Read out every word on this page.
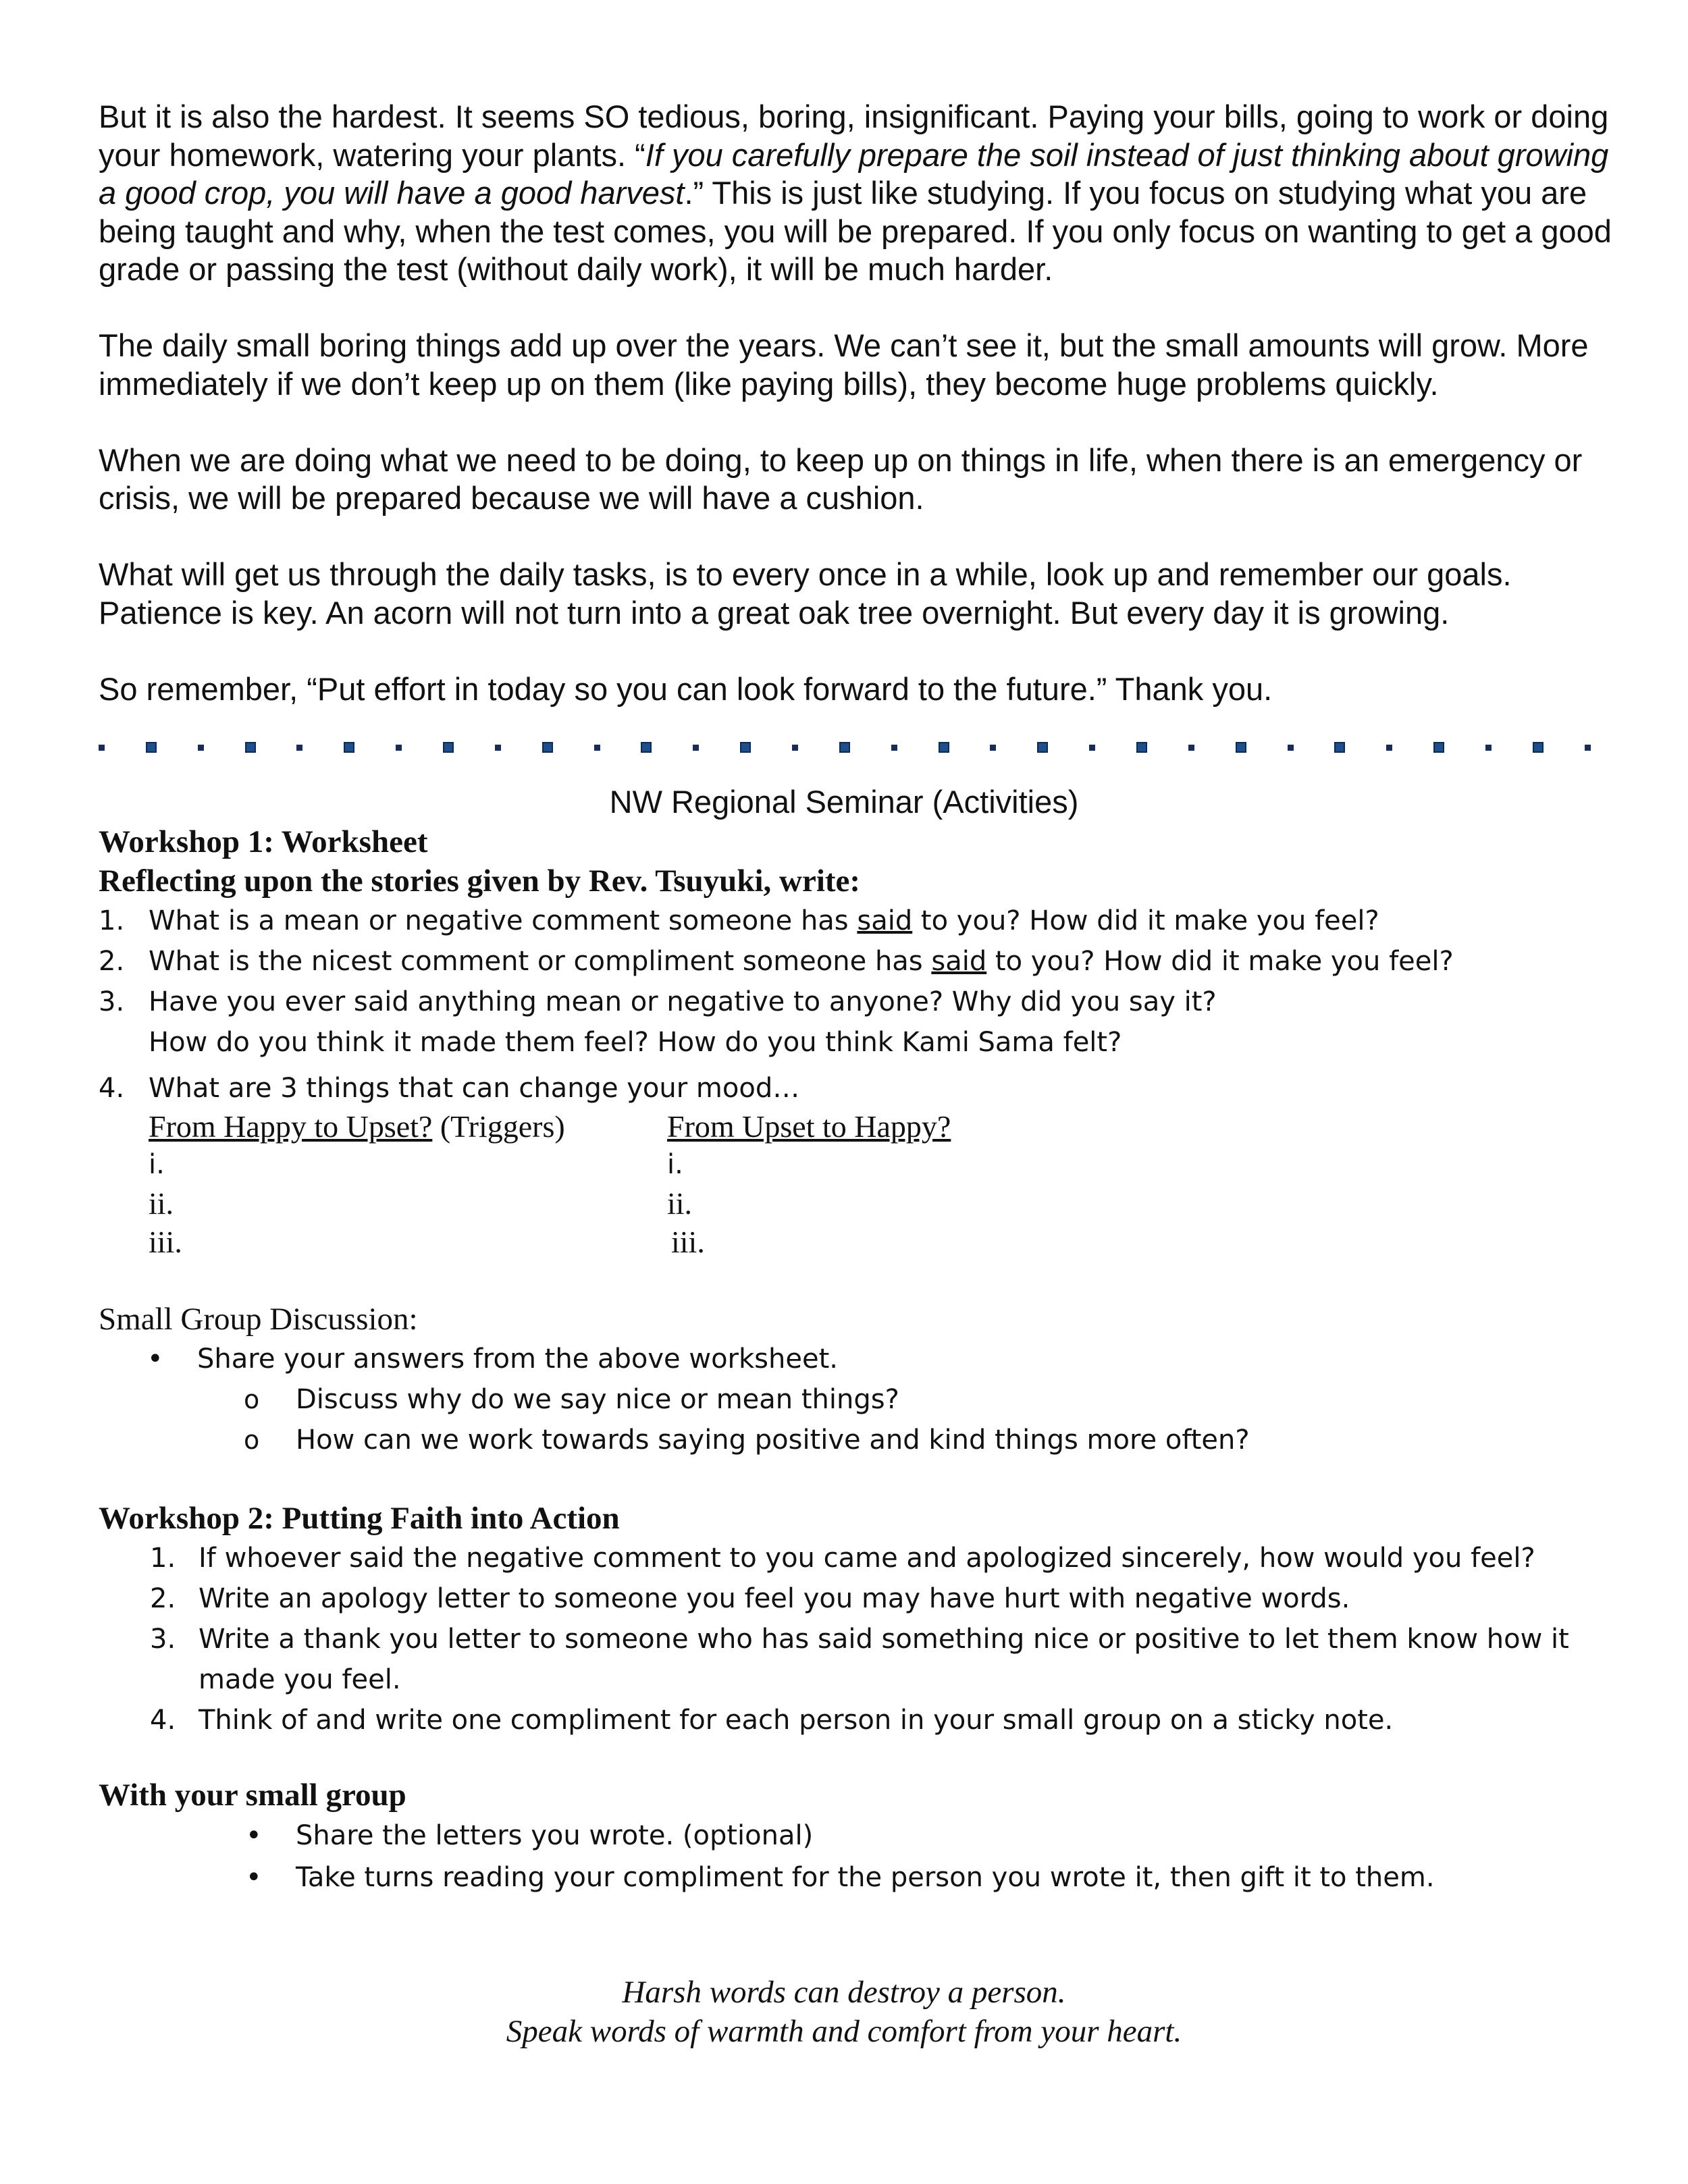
But it is also the hardest. It seems SO tedious, boring, insignificant. Paying your bills, going to work or doing your homework, watering your plants. “If you carefully prepare the soil instead of just thinking about growing a good crop, you will have a good harvest.” This is just like studying. If you focus on studying what you are being taught and why, when the test comes, you will be prepared. If you only focus on wanting to get a good grade or passing the test (without daily work), it will be much harder.

The daily small boring things add up over the years. We can’t see it, but the small amounts will grow. More immediately if we don’t keep up on them (like paying bills), they become huge problems quickly.

When we are doing what we need to be doing, to keep up on things in life, when there is an emergency or crisis, we will be prepared because we will have a cushion.

What will get us through the daily tasks, is to every once in a while, look up and remember our goals. Patience is key. An acorn will not turn into a great oak tree overnight. But every day it is growing.

So remember, “Put effort in today so you can look forward to the future.” Thank you.

NW Regional Seminar (Activities)
Workshop 1: Worksheet
Reflecting upon the stories given by Rev. Tsuyuki, write:
1. What is a mean or negative comment someone has said to you? How did it make you feel?
2. What is the nicest comment or compliment someone has said to you? How did it make you feel?
3. Have you ever said anything mean or negative to anyone? Why did you say it?
How do you think it made them feel? How do you think Kami Sama felt?
4. What are 3 things that can change your mood…
From Happy to Upset? (Triggers)
i.
ii.
iii.
From Upset to Happy?
i.
ii.
iii.
Small Group Discussion:
• Share your answers from the above worksheet.
o Discuss why do we say nice or mean things?
o How can we work towards saying positive and kind things more often?
Workshop 2: Putting Faith into Action
1. If whoever said the negative comment to you came and apologized sincerely, how would you feel?
2. Write an apology letter to someone you feel you may have hurt with negative words.
3. Write a thank you letter to someone who has said something nice or positive to let them know how it made you feel.
4. Think of and write one compliment for each person in your small group on a sticky note.
With your small group
• Share the letters you wrote. (optional)
• Take turns reading your compliment for the person you wrote it, then gift it to them.
Harsh words can destroy a person.
Speak words of warmth and comfort from your heart.
